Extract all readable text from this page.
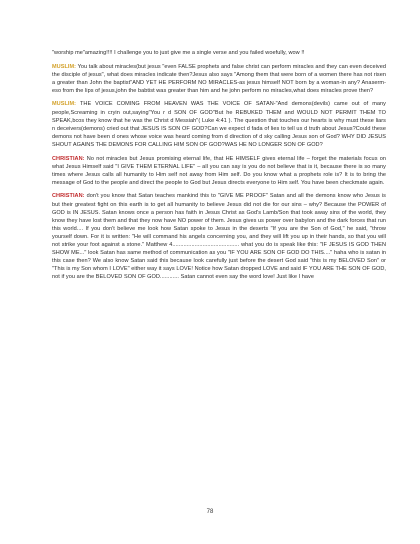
"worship me"amazing!!!! I challenge you to just give me a single verse and you failed woefully, wow !!

MUSLIM: You talk about miracles(but jesus "even FALSE prophets and false christ can perform miracles and they can even deceived the disciple of jesus", what does miracles indicate then?Jesus also says "Among them that were born of a women there has not risen a greater than John the baptist"AND YET HE PERFORM NO MIRACLES-as jesus himself NOT born by a woman-in any? Anaserm-eso from the lips of jesus,john the babtist was greater than him and he john perform no miracles,what does miracles prove then?

MUSLIM: THE VOICE COMING FROM HEAVEN WAS THE VOICE OF SATAN-"And demons(devils) came out of many people,Screaming in cryin out,saying"You r d SON OF GOD"But he REBUKED THEM and WOULD NOT PERMIT THEM TO SPEAK,bcos they know that he was the Christ d Messiah"( Luke 4:41 ). The question that touches our hearts is why must these liars n deceivers(demons) cried out that JESUS IS SON OF GOD?Can we expect d fada of lies to tell us d truth about Jesus?Could these demons not have been d ones whose voice was heard coming from d direction of d sky calling Jesus son of God? WHY DID JESUS SHOUT AGAINS THE DEMONS FOR CALLING HIM SON OF GOD?WAS HE NO LONGER SON OF GOD?

CHRISTIAN: No not miracles but Jesus promising eternal life, that HE HIMSELF gives eternal life – forget the materials focus on what Jesus Himself said "I GIVE THEM ETERNAL LIFE" – all you can say is you do not believe that is it, because there is so many times where Jesus calls all humanity to Him self not away from Him self. Do you know what a prophets role is? It is to bring the message of God to the people and direct the people to God but Jesus directs everyone to Him self. You have been checkmate again.

CHRISTIAN: don't you know that Satan teaches mankind this to "GIVE ME PROOF" Satan and all the demons know who Jesus is but their greatest fight on this earth is to get all humanity to believe Jesus did not die for our sins – why? Because the POWER of GOD is IN JESUS. Satan knows once a person has faith in Jesus Christ as God's Lamb/Son that took away sins of the world, they know they have lost them and that they now have NO power of them. Jesus gives us power over babylon and the dark forces that run this world.... If you don't believe me look how Satan spoke to Jesus in the deserts "If you are the Son of God," he said, "throw yourself down. For it is written: "He will command his angels concerning you, and they will lift you up in their hands, so that you will not strike your foot against a stone." Matthew 4.......................................... what you do is speak like this: "IF JESUS IS GOD THEN SHOW ME..." look Satan has same method of communication as you "IF YOU ARE SON OF GOD DO THIS...." haha who is satan in this case then? We also know Satan said this because look carefully just before the desert God said "this is my BELOVED Son" or "This is my Son whom I LOVE" either way it says LOVE! Notice how Satan dropped LOVE and said IF YOU ARE THE SON OF GOD, not if you are the BELOVED SON OF GOD............ Satan cannot even say the word love! Just like I have

78
